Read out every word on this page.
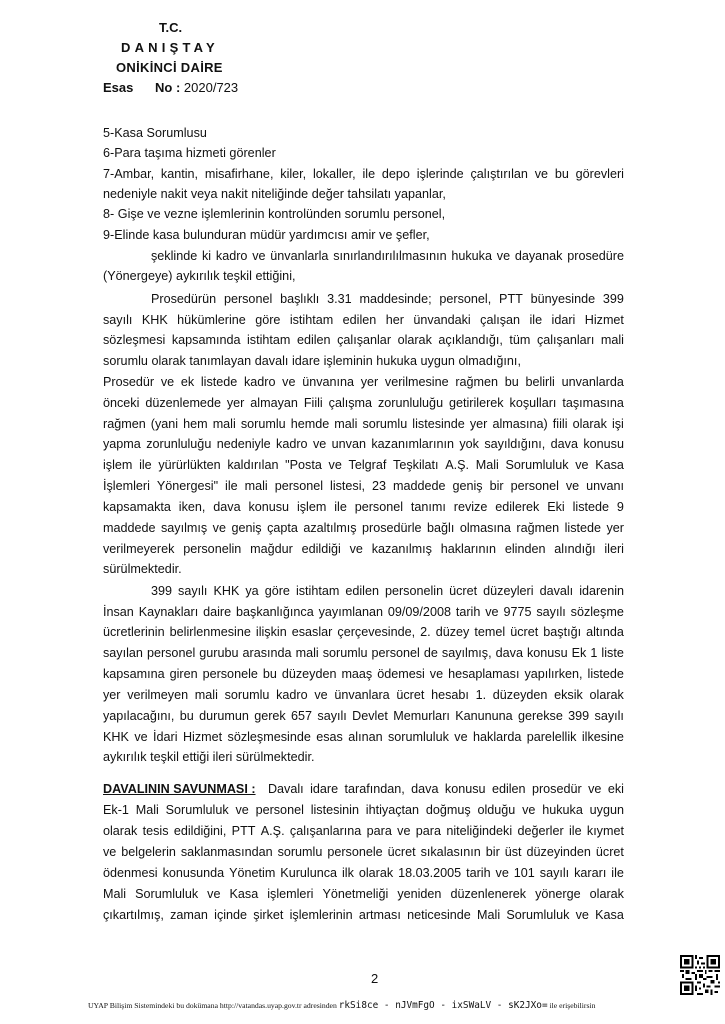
T.C.
DANIŞTAY
ONİKİNCİ DAİRE
Esas No : 2020/723
5-Kasa Sorumlusu
6-Para taşıma hizmeti görenler
7-Ambar, kantin, misafirhane, kiler, lokaller, ile depo işlerinde çalıştırılan ve bu görevleri
nedeniyle nakit veya nakit niteliğinde değer tahsilatı yapanlar,
8- Gişe ve vezne işlemlerinin kontrolünden sorumlu personel,
9-Elinde kasa bulunduran müdür yardımcısı amir ve şefler,
şeklinde ki kadro ve ünvanlarla sınırlandırılılmasının hukuka ve dayanak prosedüre
(Yönergeye) aykırılık teşkil ettiğini,
Prosedürün personel başlıklı 3.31 maddesinde; personel, PTT bünyesinde 399
sayılı KHK hükümlerine göre istihtam edilen her ünvandaki çalışan ile idari Hizmet
sözleşmesi kapsamında istihtam edilen çalışanlar olarak açıklandığı, tüm çalışanları mali
sorumlu olarak tanımlayan davalı idare işleminin hukuka uygun olmadığını,
Prosedür ve ek listede kadro ve ünvanına yer verilmesine rağmen bu belirli unvanlarda
önceki düzenlemede yer almayan Fiili çalışma zorunluluğu getirilerek koşulları taşımasına
rağmen (yani hem mali sorumlu hemde mali sorumlu listesinde yer almasına) fiili olarak işi
yapma zorunluluğu nedeniyle kadro ve unvan kazanımlarının yok sayıldığını, dava konusu
işlem ile yürürlükten kaldırılan "Posta ve Telgraf Teşkilatı A.Ş. Mali Sorumluluk ve Kasa
İşlemleri Yönergesi" ile mali personel listesi, 23 maddede geniş bir personel ve unvanı
kapsamakta iken, dava konusu işlem ile personel tanımı revize edilerek Eki listede 9
maddede sayılmış ve geniş çapta azaltılmış prosedürle bağlı olmasına rağmen listede yer
verilmeyerek personelin mağdur edildiği ve kazanılmış haklarının elinden alındığı ileri
sürülmektedir.
399 sayılı KHK ya göre istihtam edilen personelin ücret düzeyleri davalı idarenin
İnsan Kaynakları daire başkanlığınca yayımlanan 09/09/2008 tarih ve 9775 sayılı sözleşme
ücretlerinin belirlenmesine ilişkin esaslar çerçevesinde, 2. düzey temel ücret baştığı altında
sayılan personel gurubu arasında mali sorumlu personel de sayılmış, dava konusu Ek 1 liste
kapsamına giren personele bu düzeyden maaş ödemesi ve hesaplaması yapılırken, listede
yer verilmeyen mali sorumlu kadro ve ünvanlara ücret hesabı 1. düzeyden eksik olarak
yapılacağını, bu durumun gerek 657 sayılı Devlet Memurları Kanununa gerekse 399 sayılı
KHK ve İdari Hizmet sözleşmesinde esas alınan sorumluluk ve haklarda parelellik ilkesine
aykırılık teşkil ettiği ileri sürülmektedir.
DAVALININ SAVUNMASI : Davalı idare tarafından, dava konusu edilen prosedür ve eki
Ek-1 Mali Sorumluluk ve personel listesinin ihtiyaçtan doğmuş olduğu ve hukuka uygun
olarak tesis edildiğini, PTT A.Ş. çalışanlarına para ve para niteliğindeki değerler ile kıymet
ve belgelerin saklanmasından sorumlu personele ücret sıkalasının bir üst düzeyinden ücret
ödenmesi konusunda Yönetim Kurulunca ilk olarak 18.03.2005 tarih ve 101 sayılı kararı ile
Mali Sorumluluk ve Kasa işlemleri Yönetmeliği yeniden düzenlenerek yönerge olarak
çıkartılmış, zaman içinde şirket işlemlerinin artması neticesinde Mali Sorumluluk ve Kasa
2
UYAP Bilişim Sistemindeki bu dokümana http://vatandas.uyap.gov.tr adresinden rkSi8ce - nJVmFgO - ixSWaLV - sK2JXo= ile erişebilirsin
